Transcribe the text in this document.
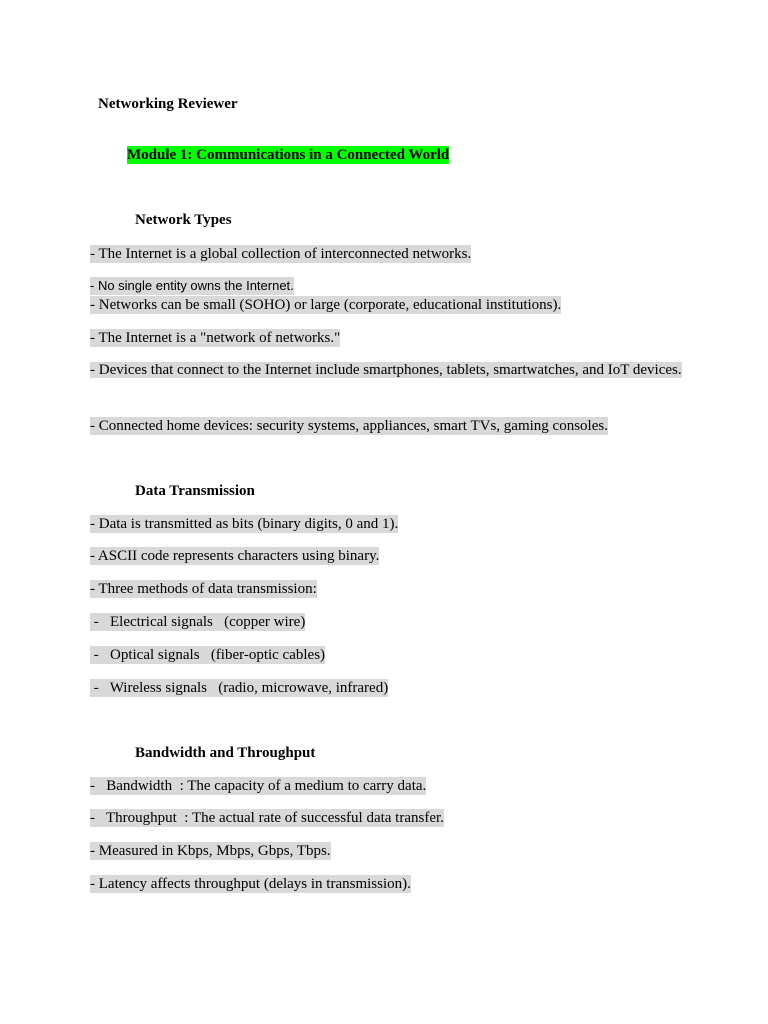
Networking Reviewer
Module 1: Communications in a Connected World
Network Types
- The Internet is a global collection of interconnected networks.
- No single entity owns the Internet.
- Networks can be small (SOHO) or large (corporate, educational institutions).
- The Internet is a "network of networks."
- Devices that connect to the Internet include smartphones, tablets, smartwatches, and IoT devices.
- Connected home devices: security systems, appliances, smart TVs, gaming consoles.
Data Transmission
- Data is transmitted as bits (binary digits, 0 and 1).
- ASCII code represents characters using binary.
- Three methods of data transmission:
-   Electrical signals   (copper wire)
-   Optical signals   (fiber-optic cables)
-   Wireless signals   (radio, microwave, infrared)
Bandwidth and Throughput
-   Bandwidth  : The capacity of a medium to carry data.
-   Throughput  : The actual rate of successful data transfer.
- Measured in Kbps, Mbps, Gbps, Tbps.
- Latency affects throughput (delays in transmission).
